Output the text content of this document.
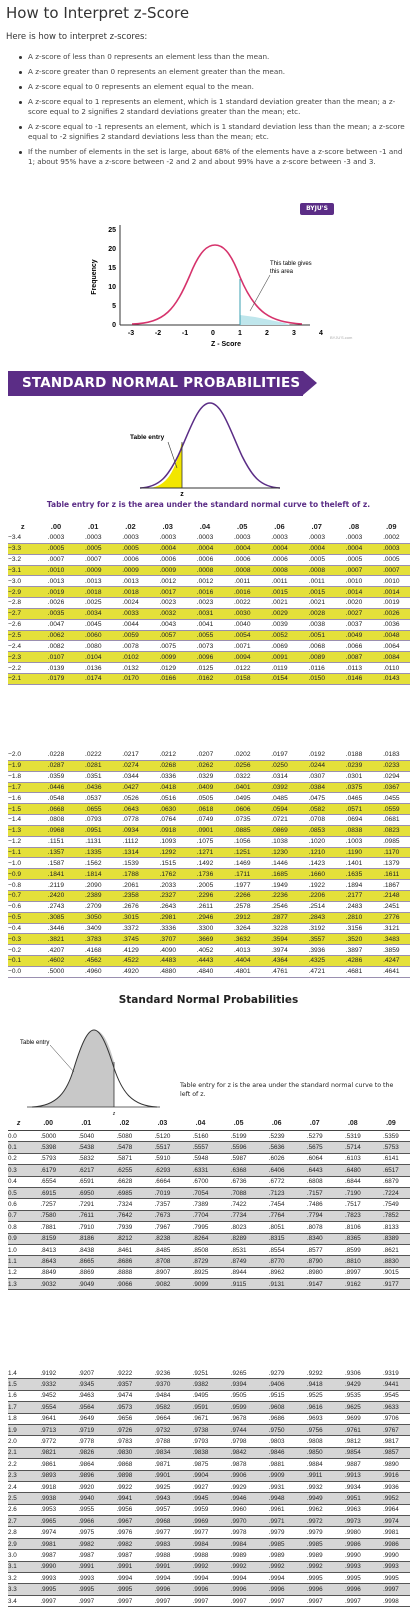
How to Interpret z-Score
Here is how to interpret z-scores:
A z-score of less than 0 represents an element less than the mean.
A z-score greater than 0 represents an element greater than the mean.
A z-score equal to 0 represents an element equal to the mean.
A z-score equal to 1 represents an element, which is 1 standard deviation greater than the mean; a z-score equal to 2 signifies 2 standard deviations greater than the mean; etc.
A z-score equal to -1 represents an element, which is 1 standard deviation less than the mean; a z-score equal to -2 signifies 2 standard deviations less than the mean; etc.
If the number of elements in the set is large, about 68% of the elements have a z-score between -1 and 1; about 95% have a z-score between -2 and 2 and about 99% have a z-score between -3 and 3.
BYJU'S
Frequency
25
20
15
10
5
0
This table gives
this area
-3	-2	-1	0	1	2	3	4
Z - Score
BYJU'S.com
STANDARD NORMAL PROBABILITIES
Table entry
z
Table entry for z is the area under the standard normal curve to theleft of z.
z	.00	.01	.02	.03	.04	.05	.06	.07	.08	.09
−3.4	.0003	.0003	.0003	.0003	.0003	.0003	.0003	.0003	.0003	.0002
−3.3	.0005	.0005	.0005	.0004	.0004	.0004	.0004	.0004	.0004	.0003
−3.2	.0007	.0007	.0006	.0006	.0006	.0006	.0006	.0005	.0005	.0005
−3.1	.0010	.0009	.0009	.0009	.0008	.0008	.0008	.0008	.0007	.0007
−3.0	.0013	.0013	.0013	.0012	.0012	.0011	.0011	.0011	.0010	.0010
−2.9	.0019	.0018	.0018	.0017	.0016	.0016	.0015	.0015	.0014	.0014
−2.8	.0026	.0025	.0024	.0023	.0023	.0022	.0021	.0021	.0020	.0019
−2.7	.0035	.0034	.0033	.0032	.0031	.0030	.0029	.0028	.0027	.0026
−2.6	.0047	.0045	.0044	.0043	.0041	.0040	.0039	.0038	.0037	.0036
−2.5	.0062	.0060	.0059	.0057	.0055	.0054	.0052	.0051	.0049	.0048
−2.4	.0082	.0080	.0078	.0075	.0073	.0071	.0069	.0068	.0066	.0064
−2.3	.0107	.0104	.0102	.0099	.0096	.0094	.0091	.0089	.0087	.0084
−2.2	.0139	.0136	.0132	.0129	.0125	.0122	.0119	.0116	.0113	.0110
−2.1	.0179	.0174	.0170	.0166	.0162	.0158	.0154	.0150	.0146	.0143
−2.0	.0228	.0222	.0217	.0212	.0207	.0202	.0197	.0192	.0188	.0183
−1.9	.0287	.0281	.0274	.0268	.0262	.0256	.0250	.0244	.0239	.0233
−1.8	.0359	.0351	.0344	.0336	.0329	.0322	.0314	.0307	.0301	.0294
−1.7	.0446	.0436	.0427	.0418	.0409	.0401	.0392	.0384	.0375	.0367
−1.6	.0548	.0537	.0526	.0516	.0505	.0495	.0485	.0475	.0465	.0455
−1.5	.0668	.0655	.0643	.0630	.0618	.0606	.0594	.0582	.0571	.0559
−1.4	.0808	.0793	.0778	.0764	.0749	.0735	.0721	.0708	.0694	.0681
−1.3	.0968	.0951	.0934	.0918	.0901	.0885	.0869	.0853	.0838	.0823
−1.2	.1151	.1131	.1112	.1093	.1075	.1056	.1038	.1020	.1003	.0985
−1.1	.1357	.1335	.1314	.1292	.1271	.1251	.1230	.1210	.1190	.1170
−1.0	.1587	.1562	.1539	.1515	.1492	.1469	.1446	.1423	.1401	.1379
−0.9	.1841	.1814	.1788	.1762	.1736	.1711	.1685	.1660	.1635	.1611
−0.8	.2119	.2090	.2061	.2033	.2005	.1977	.1949	.1922	.1894	.1867
−0.7	.2420	.2389	.2358	.2327	.2296	.2266	.2236	.2206	.2177	.2148
−0.6	.2743	.2709	.2676	.2643	.2611	.2578	.2546	.2514	.2483	.2451
−0.5	.3085	.3050	.3015	.2981	.2946	.2912	.2877	.2843	.2810	.2776
−0.4	.3446	.3409	.3372	.3336	.3300	.3264	.3228	.3192	.3156	.3121
−0.3	.3821	.3783	.3745	.3707	.3669	.3632	.3594	.3557	.3520	.3483
−0.2	.4207	.4168	.4129	.4090	.4052	.4013	.3974	.3936	.3897	.3859
−0.1	.4602	.4562	.4522	.4483	.4443	.4404	.4364	.4325	.4286	.4247
−0.0	.5000	.4960	.4920	.4880	.4840	.4801	.4761	.4721	.4681	.4641
Standard Normal Probabilities
Table entry
z
Table entry for z is the area under the standard normal curve to the left of z.
z	.00	.01	.02	.03	.04	.05	.06	.07	.08	.09
0.0	.5000	.5040	.5080	.5120	.5160	.5199	.5239	.5279	.5319	.5359
0.1	.5398	.5438	.5478	.5517	.5557	.5596	.5636	.5675	.5714	.5753
0.2	.5793	.5832	.5871	.5910	.5948	.5987	.6026	.6064	.6103	.6141
0.3	.6179	.6217	.6255	.6293	.6331	.6368	.6406	.6443	.6480	.6517
0.4	.6554	.6591	.6628	.6664	.6700	.6736	.6772	.6808	.6844	.6879
0.5	.6915	.6950	.6985	.7019	.7054	.7088	.7123	.7157	.7190	.7224
0.6	.7257	.7291	.7324	.7357	.7389	.7422	.7454	.7486	.7517	.7549
0.7	.7580	.7611	.7642	.7673	.7704	.7734	.7764	.7794	.7823	.7852
0.8	.7881	.7910	.7939	.7967	.7995	.8023	.8051	.8078	.8106	.8133
0.9	.8159	.8186	.8212	.8238	.8264	.8289	.8315	.8340	.8365	.8389
1.0	.8413	.8438	.8461	.8485	.8508	.8531	.8554	.8577	.8599	.8621
1.1	.8643	.8665	.8686	.8708	.8729	.8749	.8770	.8790	.8810	.8830
1.2	.8849	.8869	.8888	.8907	.8925	.8944	.8962	.8980	.8997	.9015
1.3	.9032	.9049	.9066	.9082	.9099	.9115	.9131	.9147	.9162	.9177
1.4	.9192	.9207	.9222	.9236	.9251	.9265	.9279	.9292	.9306	.9319
1.5	.9332	.9345	.9357	.9370	.9382	.9394	.9406	.9418	.9429	.9441
1.6	.9452	.9463	.9474	.9484	.9495	.9505	.9515	.9525	.9535	.9545
1.7	.9554	.9564	.9573	.9582	.9591	.9599	.9608	.9616	.9625	.9633
1.8	.9641	.9649	.9656	.9664	.9671	.9678	.9686	.9693	.9699	.9706
1.9	.9713	.9719	.9726	.9732	.9738	.9744	.9750	.9756	.9761	.9767
2.0	.9772	.9778	.9783	.9788	.9793	.9798	.9803	.9808	.9812	.9817
2.1	.9821	.9826	.9830	.9834	.9838	.9842	.9846	.9850	.9854	.9857
2.2	.9861	.9864	.9868	.9871	.9875	.9878	.9881	.9884	.9887	.9890
2.3	.9893	.9896	.9898	.9901	.9904	.9906	.9909	.9911	.9913	.9916
2.4	.9918	.9920	.9922	.9925	.9927	.9929	.9931	.9932	.9934	.9936
2.5	.9938	.9940	.9941	.9943	.9945	.9946	.9948	.9949	.9951	.9952
2.6	.9953	.9955	.9956	.9957	.9959	.9960	.9961	.9962	.9963	.9964
2.7	.9965	.9966	.9967	.9968	.9969	.9970	.9971	.9972	.9973	.9974
2.8	.9974	.9975	.9976	.9977	.9977	.9978	.9979	.9979	.9980	.9981
2.9	.9981	.9982	.9982	.9983	.9984	.9984	.9985	.9985	.9986	.9986
3.0	.9987	.9987	.9987	.9988	.9988	.9989	.9989	.9989	.9990	.9990
3.1	.9990	.9991	.9991	.9991	.9992	.9992	.9992	.9992	.9993	.9993
3.2	.9993	.9993	.9994	.9994	.9994	.9994	.9994	.9995	.9995	.9995
3.3	.9995	.9995	.9995	.9996	.9996	.9996	.9996	.9996	.9996	.9997
3.4	.9997	.9997	.9997	.9997	.9997	.9997	.9997	.9997	.9997	.9998
